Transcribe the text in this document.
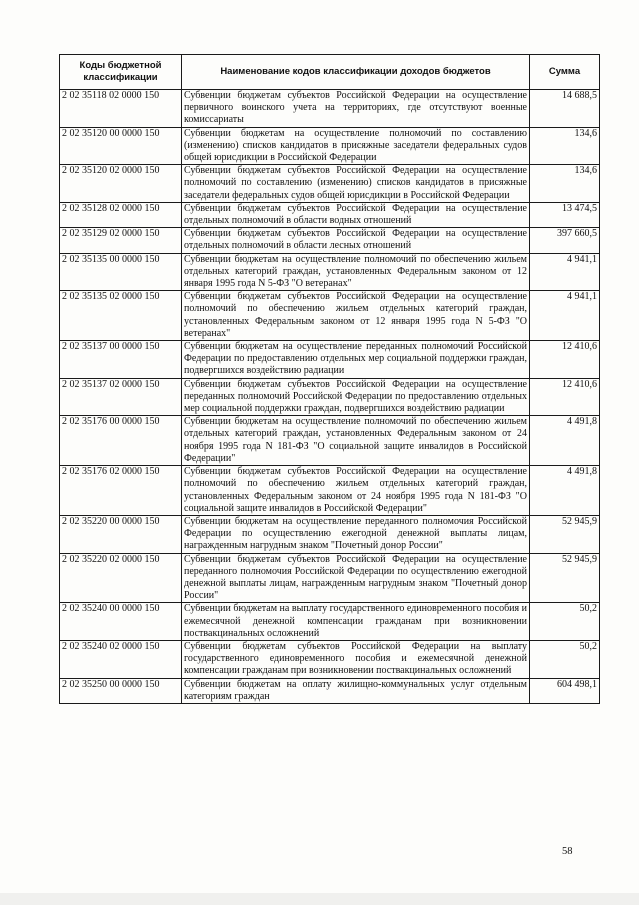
Коды бюджетной классификации	Наименование кодов классификации доходов бюджетов	Сумма
2 02 35118 02 0000 150	Субвенции бюджетам субъектов Российской Федерации на осуществление первичного воинского учета на территориях, где отсутствуют военные комиссариаты	14 688,5
2 02 35120 00 0000 150	Субвенции бюджетам на осуществление полномочий по составлению (изменению) списков кандидатов в присяжные заседатели федеральных судов общей юрисдикции в Российской Федерации	134,6
2 02 35120 02 0000 150	Субвенции бюджетам субъектов Российской Федерации на осуществление полномочий по составлению (изменению) списков кандидатов в присяжные заседатели федеральных судов общей юрисдикции в Российской Федерации	134,6
2 02 35128 02 0000 150	Субвенции бюджетам субъектов Российской Федерации на осуществление отдельных полномочий в области водных отношений	13 474,5
2 02 35129 02 0000 150	Субвенции бюджетам субъектов Российской Федерации на осуществление отдельных полномочий в области лесных отношений	397 660,5
2 02 35135 00 0000 150	Субвенции бюджетам на осуществление полномочий по обеспечению жильем отдельных категорий граждан, установленных Федеральным законом от 12 января 1995 года N 5-ФЗ "О ветеранах"	4 941,1
2 02 35135 02 0000 150	Субвенции бюджетам субъектов Российской Федерации на осуществление полномочий по обеспечению жильем отдельных категорий граждан, установленных Федеральным законом от 12 января 1995 года N 5-ФЗ "О ветеранах"	4 941,1
2 02 35137 00 0000 150	Субвенции бюджетам на осуществление переданных полномочий Российской Федерации по предоставлению отдельных мер социальной поддержки граждан, подвергшихся воздействию радиации	12 410,6
2 02 35137 02 0000 150	Субвенции бюджетам субъектов Российской Федерации на осуществление переданных полномочий Российской Федерации по предоставлению отдельных мер социальной поддержки граждан, подвергшихся воздействию радиации	12 410,6
2 02 35176 00 0000 150	Субвенции бюджетам на осуществление полномочий по обеспечению жильем отдельных категорий граждан, установленных Федеральным законом от 24 ноября 1995 года N 181-ФЗ "О социальной защите инвалидов в Российской Федерации"	4 491,8
2 02 35176 02 0000 150	Субвенции бюджетам субъектов Российской Федерации на осуществление полномочий по обеспечению жильем отдельных категорий граждан, установленных Федеральным законом от 24 ноября 1995 года N 181-ФЗ "О социальной защите инвалидов в Российской Федерации"	4 491,8
2 02 35220 00 0000 150	Субвенции бюджетам на осуществление переданного полномочия Российской Федерации по осуществлению ежегодной денежной выплаты лицам, награжденным нагрудным знаком "Почетный донор России"	52 945,9
2 02 35220 02 0000 150	Субвенции бюджетам субъектов Российской Федерации на осуществление переданного полномочия Российской Федерации по осуществлению ежегодной денежной выплаты лицам, награжденным нагрудным знаком "Почетный донор России"	52 945,9
2 02 35240 00 0000 150	Субвенции бюджетам на выплату государственного единовременного пособия и ежемесячной денежной компенсации гражданам при возникновении поствакцинальных осложнений	50,2
2 02 35240 02 0000 150	Субвенции бюджетам субъектов Российской Федерации на выплату государственного единовременного пособия и ежемесячной денежной компенсации гражданам при возникновении поствакцинальных осложнений	50,2
2 02 35250 00 0000 150	Субвенции бюджетам на оплату жилищно-коммунальных услуг отдельным категориям граждан	604 498,1
58
